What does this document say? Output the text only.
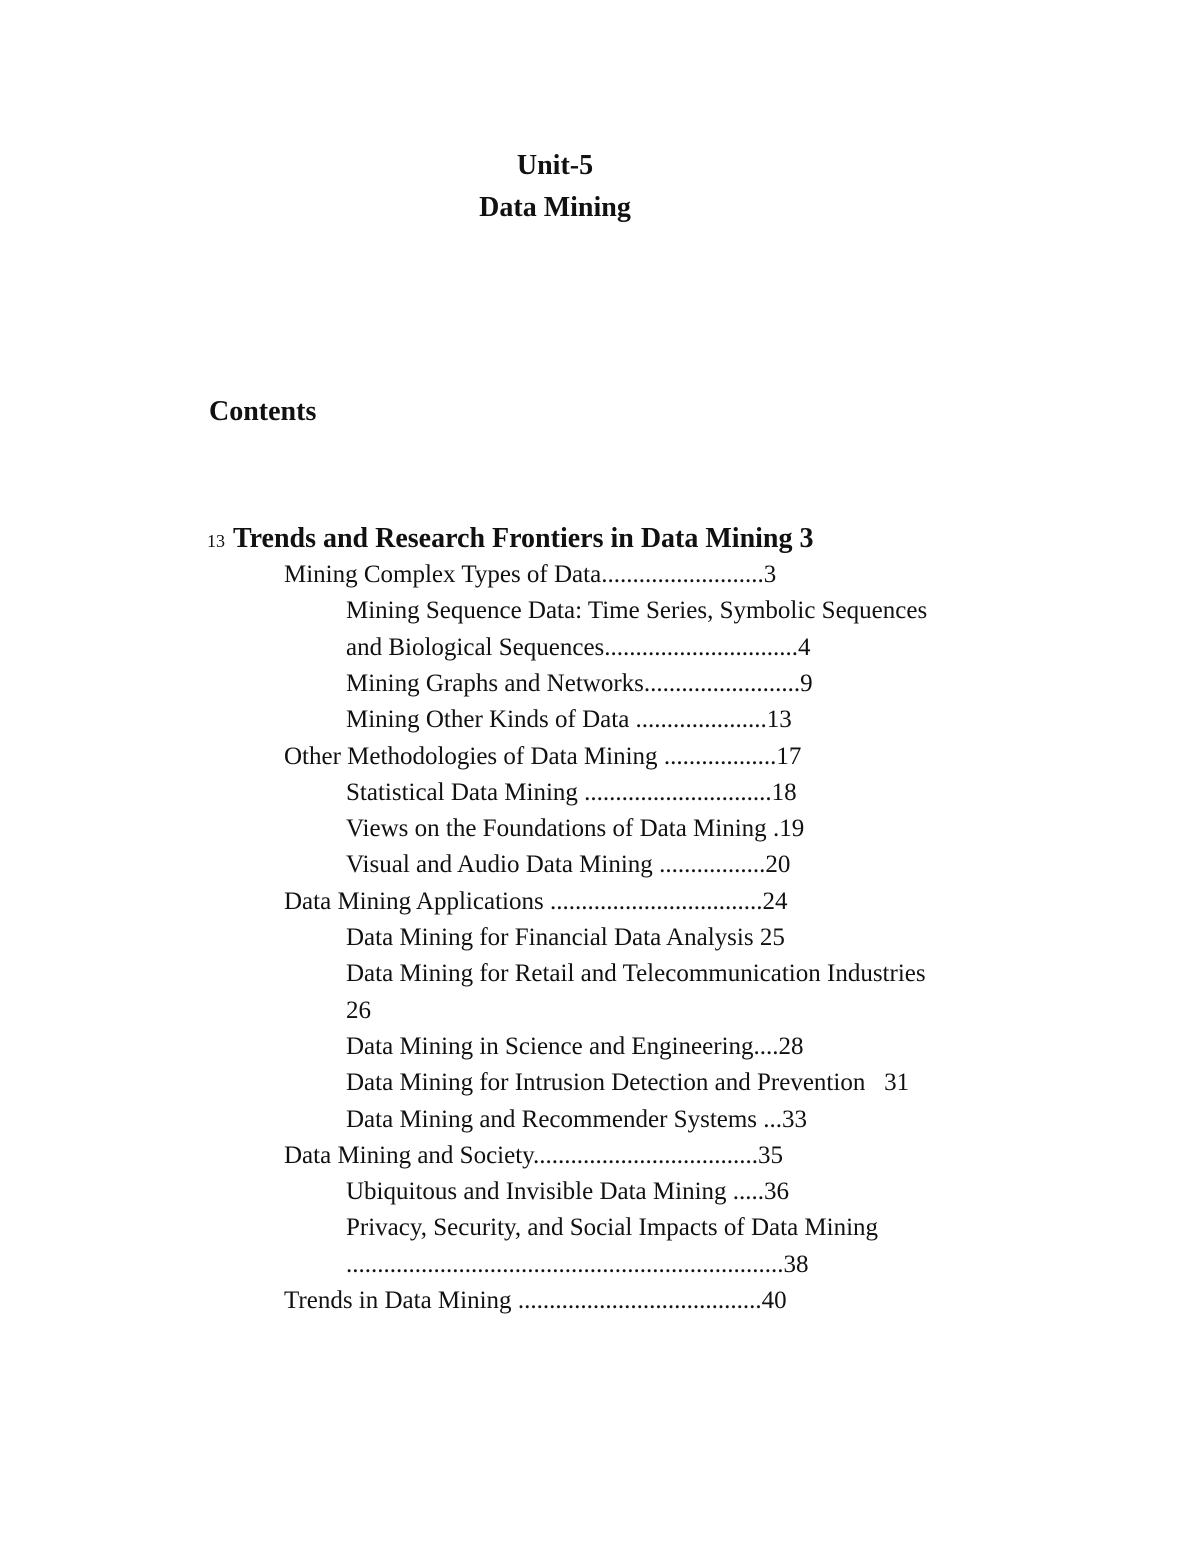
Unit-5
Data Mining
Contents
13 Trends and Research Frontiers in Data Mining 3
Mining Complex Types of Data..........................3
Mining Sequence Data: Time Series, Symbolic Sequences
and Biological Sequences...............................4
Mining Graphs and Networks.........................9
Mining Other Kinds of Data .....................13
Other Methodologies of Data Mining ..................17
Statistical Data Mining ..............................18
Views on the Foundations of Data Mining .19
Visual and Audio Data Mining .................20
Data Mining Applications ..................................24
Data Mining for Financial Data Analysis 25
Data Mining for Retail and Telecommunication Industries
26
Data Mining in Science and Engineering....28
Data Mining for Intrusion Detection and Prevention 31
Data Mining and Recommender Systems ...33
Data Mining and Society....................................35
Ubiquitous and Invisible Data Mining .....36
Privacy, Security, and Social Impacts of Data Mining
......................................................................38
Trends in Data Mining .......................................40
